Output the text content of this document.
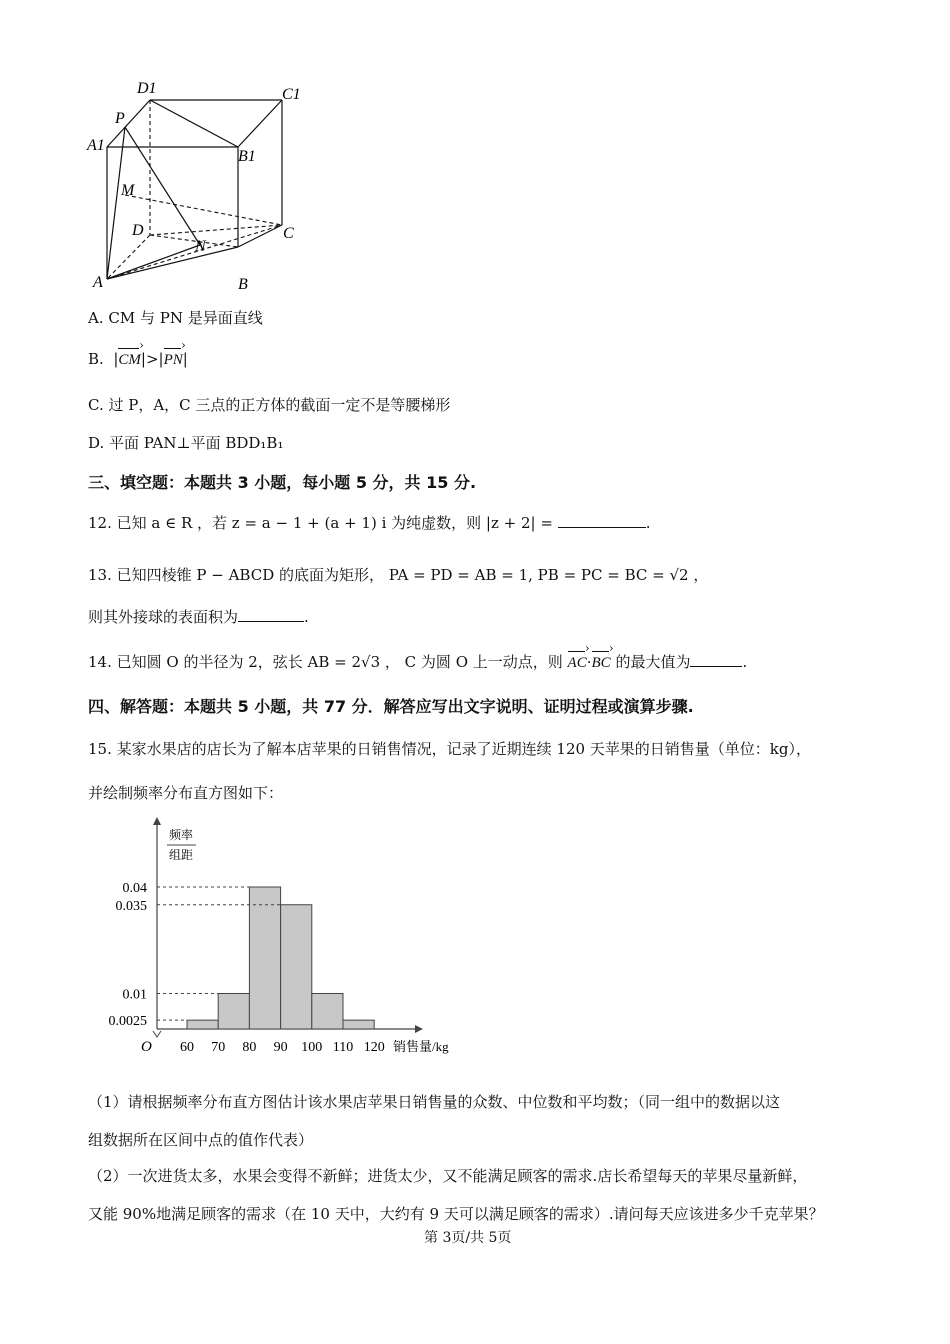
D1	C1
P
A1
B1
M
D	C
N
A	B
A. CM 与 PN 是异面直线
B.  |CM ›|>|PN ›|
C. 过 P，A，C 三点的正方体的截面一定不是等腰梯形
D. 平面 PAN⊥平面 BDD₁B₁
三、填空题：本题共 3 小题，每小题 5 分，共 15 分.
12. 已知 a ∈ R ，若 z = a − 1 + (a + 1) i 为纯虚数，则 |z + 2| =	.
13. 已知四棱锥 P − ABCD 的底面为矩形， PA = PD = AB = 1, PB = PC = BC = √2 ，
则其外接球的表面积为	.
14. 已知圆 O 的半径为 2，弦长 AB = 2√3 ， C 为圆 O 上一动点，则 AC ›·BC › 的最大值为	.
四、解答题：本题共 5 小题，共 77 分．解答应写出文字说明、证明过程或演算步骤.
15. 某家水果店的店长为了解本店苹果的日销售情况，记录了近期连续 120 天苹果的日销售量（单位：kg），
并绘制频率分布直方图如下：
0.0025
0.01
0.035
0.04
60 70 80 90 100 110 120
O	销售量/kg
频率
组距
（1）请根据频率分布直方图估计该水果店苹果日销售量的众数、中位数和平均数；（同一组中的数据以这
组数据所在区间中点的值作代表）
（2）一次进货太多，水果会变得不新鲜；进货太少，又不能满足顾客的需求.店长希望每天的苹果尽量新鲜，
又能 90%地满足顾客的需求（在 10 天中，大约有 9 天可以满足顾客的需求）.请问每天应该进多少千克苹果？
第 3页/共 5页
